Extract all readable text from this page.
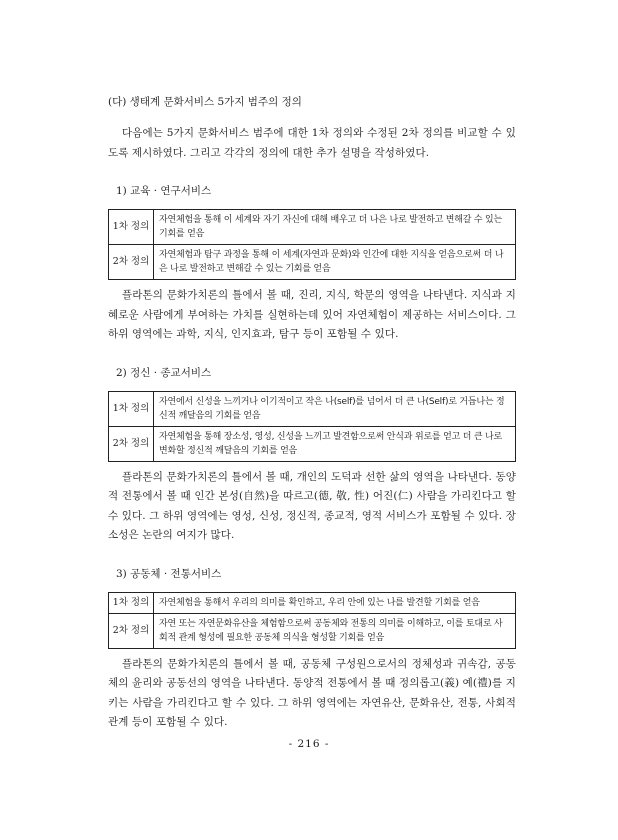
(다) 생태계 문화서비스 5가지 범주의 정의

다음에는 5가지 문화서비스 범주에 대한 1차 정의와 수정된 2차 정의를 비교할 수 있도록 제시하였다. 그리고 각각의 정의에 대한 추가 설명을 작성하였다.

1) 교육 · 연구서비스

1차 정의	자연체험을 통해 이 세계와 자기 자신에 대해 배우고 더 나은 나로 발전하고 변해갈 수 있는 기회를 얻음
2차 정의	자연체험과 탐구 과정을 통해 이 세계(자연과 문화)와 인간에 대한 지식을 얻음으로써 더 나은 나로 발전하고 변해갈 수 있는 기회를 얻음

플라톤의 문화가치론의 틀에서 볼 때, 진리, 지식, 학문의 영역을 나타낸다. 지식과 지혜로운 사람에게 부여하는 가치를 실현하는데 있어 자연체험이 제공하는 서비스이다. 그 하위 영역에는 과학, 지식, 인지효과, 탐구 등이 포함될 수 있다.

2) 정신 · 종교서비스

1차 정의	자연에서 신성을 느끼거나 이기적이고 작은 나(self)를 넘어서 더 큰 나(Self)로 거듭나는 정신적 깨달음의 기회를 얻음
2차 정의	자연체험을 통해 장소성, 영성, 신성을 느끼고 발견함으로써 안식과 위로를 얻고 더 큰 나로 변화할 정신적 깨달음의 기회를 얻음

플라톤의 문화가치론의 틀에서 볼 때, 개인의 도덕과 선한 삶의 영역을 나타낸다. 동양적 전통에서 볼 때 인간 본성(自然)을 따르고(德, 敬, 性) 어진(仁) 사람을 가리킨다고 할 수 있다. 그 하위 영역에는 영성, 신성, 정신적, 종교적, 영적 서비스가 포함될 수 있다. 장소성은 논란의 여지가 많다.

3) 공동체 · 전통서비스

1차 정의	자연체험을 통해서 우리의 의미를 확인하고, 우리 안에 있는 나를 발견할 기회를 얻음
2차 정의	자연 또는 자연문화유산을 체험함으로써 공동체와 전통의 의미를 이해하고, 이를 토대로 사회적 관계 형성에 필요한 공동체 의식을 형성할 기회를 얻음

플라톤의 문화가치론의 틀에서 볼 때, 공동체 구성원으로서의 정체성과 귀속감, 공동체의 윤리와 공동선의 영역을 나타낸다. 동양적 전통에서 볼 때 정의롭고(義) 예(禮)를 지키는 사람을 가리킨다고 할 수 있다. 그 하위 영역에는 자연유산, 문화유산, 전통, 사회적 관계 등이 포함될 수 있다.

- 216 -
